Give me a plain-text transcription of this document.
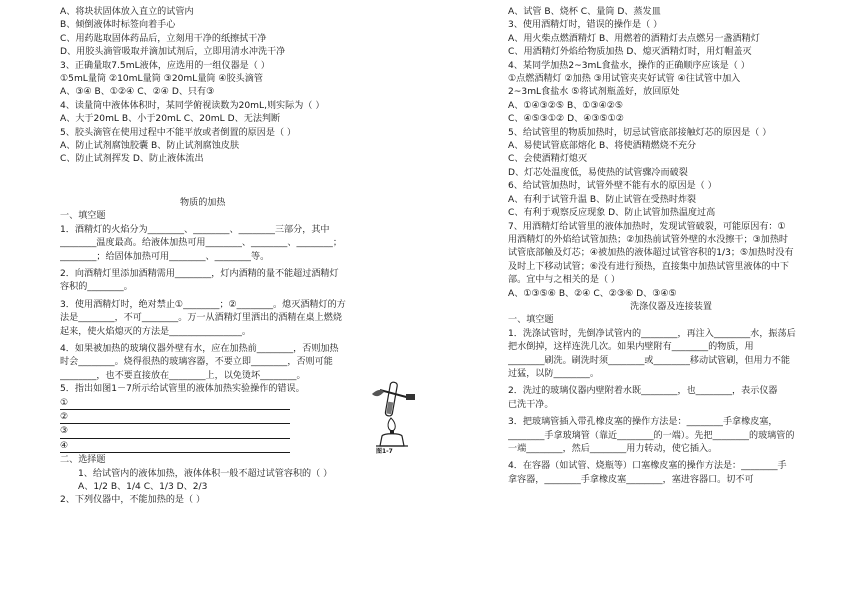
A、将块状固体放入直立的试管内
B、倾倒液体时标签向着手心
C、用药匙取固体药品后，立刻用干净的纸擦拭干净
D、用胶头滴管吸取并滴加试剂后，立即用清水冲洗干净
3、正确量取7.5mL液体，应选用的一组仪器是（ ）
①5mL量筒 ②10mL量筒 ③20mL量筒 ④胶头滴管
A、③④ B、①②④ C、②④ D、只有③
4、读量筒中液体体积时，某同学俯视读数为20mL,则实际为（ ）
A、大于20mL B、小于20mL C、20mL D、无法判断
5、胶头滴管在使用过程中不能平放或者倒置的原因是（ ）
A、防止试剂腐蚀胶囊 B、防止试剂腐蚀皮肤
C、防止试剂挥发 D、防止液体流出
物质的加热
一、填空题
1．酒精灯的火焰分为________、________、________三部分，其中
________温度最高。给液体加热可用________、________、________；
________；给固体加热可用________、________等。
2．向酒精灯里添加酒精需用________，灯内酒精的量不能超过酒精灯
容积的________。
3．使用酒精灯时，绝对禁止①________；②________。熄灭酒精灯的方
法是________，不可________。万一从酒精灯里洒出的酒精在桌上燃烧
起来，使火焰熄灭的方法是________________。
4．如果被加热的玻璃仪器外壁有水，应在加热前________，否则加热
时会________。烧得很热的玻璃容器，不要立即________，否则可能
________，也不要直接放在________上，以免烫坏________。
5．指出如图1－7所示给试管里的液体加热实验操作的错误。
①
②
③
④
二、选择题
1、给试管内的液体加热，液体体积一般不超过试管容积的（ ）
A、1/2 B、1/4 C、1/3 D、2/3
2、下列仪器中，不能加热的是（ ）
图1-7
A、试管 B、烧杯 C、量筒 D、蒸发皿
3、使用酒精灯时，错误的操作是（ ）
A、用火柴点燃酒精灯 B、用燃着的酒精灯去点燃另一盏酒精灯
C、用酒精灯外焰给物质加热 D、熄灭酒精灯时，用灯帽盖灭
4、某同学加热2~3mL食盐水，操作的正确顺序应该是（ ）
①点燃酒精灯 ②加热 ③用试管夹夹好试管 ④往试管中加入
2~3mL食盐水 ⑤将试剂瓶盖好，放回原处
A、①④③②⑤ B、①③④②⑤
C、④⑤③①② D、④③⑤①②
5、给试管里的物质加热时，切忌试管底部接触灯芯的原因是（ ）
A、易使试管底部熔化 B、将使酒精燃烧不充分
C、会使酒精灯熄灭
D、灯芯处温度低，易使热的试管骤冷而破裂
6、给试管加热时，试管外壁不能有水的原因是（ ）
A、有利于试管升温 B、防止试管在受热时炸裂
C、有利于观察反应现象 D、防止试管加热温度过高
7、用酒精灯给试管里的液体加热时，发现试管破裂，可能原因有：①
用酒精灯的外焰给试管加热；②加热前试管外壁的水没擦干；③加热时
试管底部触及灯芯；④被加热的液体超过试管容积的1/3；⑤加热时没有
及时上下移动试管；⑥没有进行预热，直接集中加热试管里液体的中下
部。宜中与之相关的是（ ）
A、①③⑤⑥ B、②④ C、②③⑥ D、③④⑤
洗涤仪器及连接装置
一、填空题
1．洗涤试管时，先倒净试管内的________，再注入________水，振荡后
把水倒掉，这样连洗几次。如果内壁附有________的物质，用
________刷洗。刷洗时须________或________移动试管刷，但用力不能
过猛，以防________。
2．洗过的玻璃仪器内壁附着水既________，也________，表示仪器
已洗干净。
3．把玻璃管插入带孔橡皮塞的操作方法是：________手拿橡皮塞，
________手拿玻璃管（靠近________的一端）。先把________的玻璃管的
一端________，然后________用力转动，使它插入。
4．在容器（如试管、烧瓶等）口塞橡皮塞的操作方法是：________手
拿容器，________手拿橡皮塞________，塞进容器口。切不可
